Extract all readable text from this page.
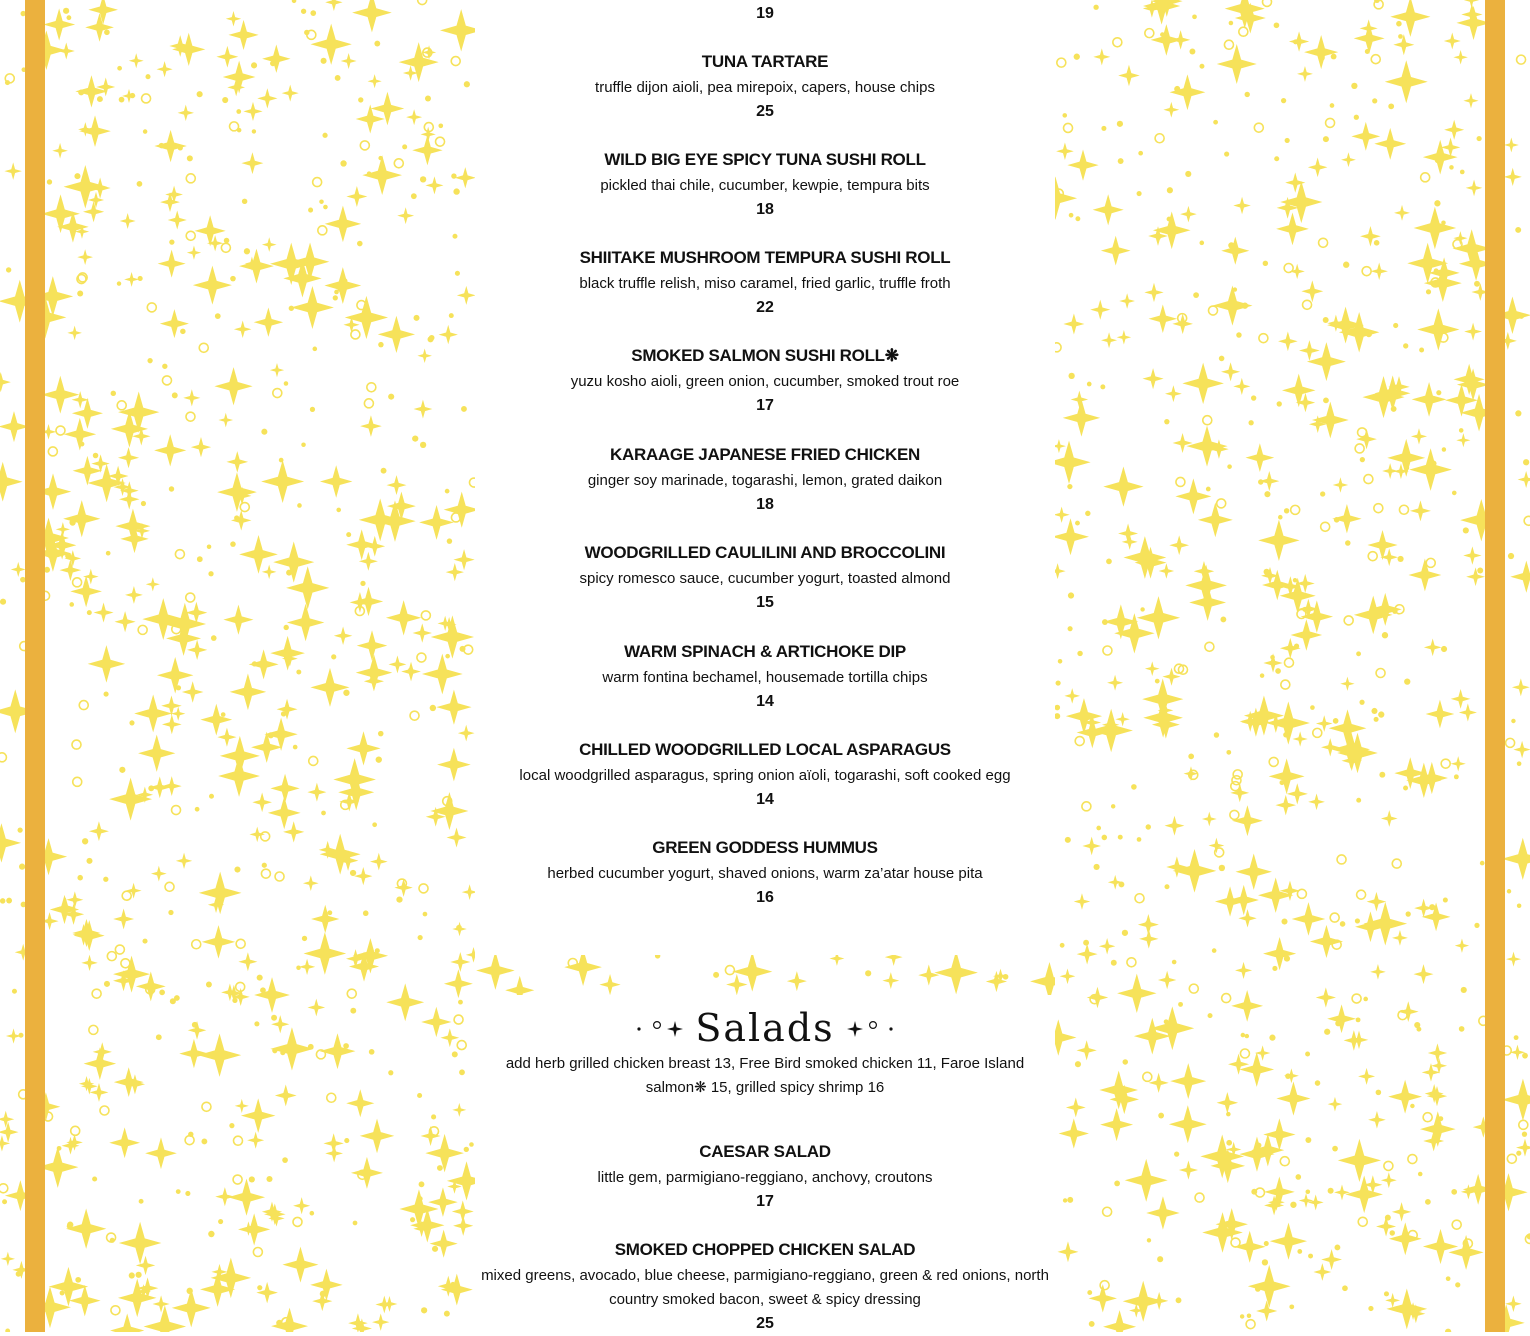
19
TUNA TARTARE
truffle dijon aioli, pea mirepoix, capers, house chips
25
WILD BIG EYE SPICY TUNA SUSHI ROLL
pickled thai chile, cucumber, kewpie, tempura bits
18
SHIITAKE MUSHROOM TEMPURA SUSHI ROLL
black truffle relish, miso caramel, fried garlic, truffle froth
22
SMOKED SALMON SUSHI ROLL❋
yuzu kosho aioli, green onion, cucumber, smoked trout roe
17
KARAAGE JAPANESE FRIED CHICKEN
ginger soy marinade, togarashi, lemon, grated daikon
18
WOODGRILLED CAULILINI AND BROCCOLINI
spicy romesco sauce, cucumber yogurt, toasted almond
15
WARM SPINACH & ARTICHOKE DIP
warm fontina bechamel, housemade tortilla chips
14
CHILLED WOODGRILLED LOCAL ASPARAGUS
local woodgrilled asparagus, spring onion aïoli, togarashi, soft cooked egg
14
GREEN GODDESS HUMMUS
herbed cucumber yogurt, shaved onions, warm za’atar house pita
16
Salads
add herb grilled chicken breast 13, Free Bird smoked chicken 11, Faroe Island salmon❋ 15, grilled spicy shrimp 16
CAESAR SALAD
little gem, parmigiano-reggiano, anchovy, croutons
17
SMOKED CHOPPED CHICKEN SALAD
mixed greens, avocado, blue cheese, parmigiano-reggiano, green & red onions, north country smoked bacon, sweet & spicy dressing
25
